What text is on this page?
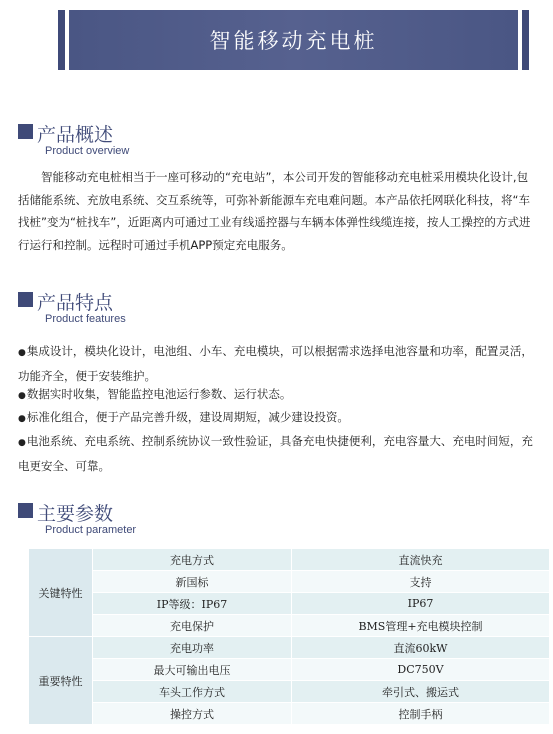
智能移动充电桩
产品概述
Product overview
智能移动充电桩相当于一座可移动的“充电站”，本公司开发的智能移动充电桩采用模块化设计,包括储能系统、充放电系统、交互系统等，可弥补新能源车充电难问题。本产品依托网联化科技，将“车找桩”变为“桩找车”，近距离内可通过工业有线遥控器与车辆本体弹性线缆连接，按人工操控的方式进行运行和控制。远程时可通过手机APP预定充电服务。
产品特点
Product features
●集成设计，模块化设计，电池组、小车、充电模块，可以根据需求选择电池容量和功率，配置灵活，功能齐全，便于安装维护。
●数据实时收集，智能监控电池运行参数、运行状态。
●标准化组合，便于产品完善升级，建设周期短，减少建设投资。
●电池系统、充电系统、控制系统协议一致性验证，具备充电快捷便利，充电容量大、充电时间短，充电更安全、可靠。
主要参数
Product parameter
关键特性	充电方式	直流快充
	新国标	支持
	IP等级：IP67	IP67
	充电保护	BMS管理+充电模块控制
重要特性	充电功率	直流60kW
	最大可输出电压	DC750V
	车头工作方式	牵引式、搬运式
	操控方式	控制手柄
